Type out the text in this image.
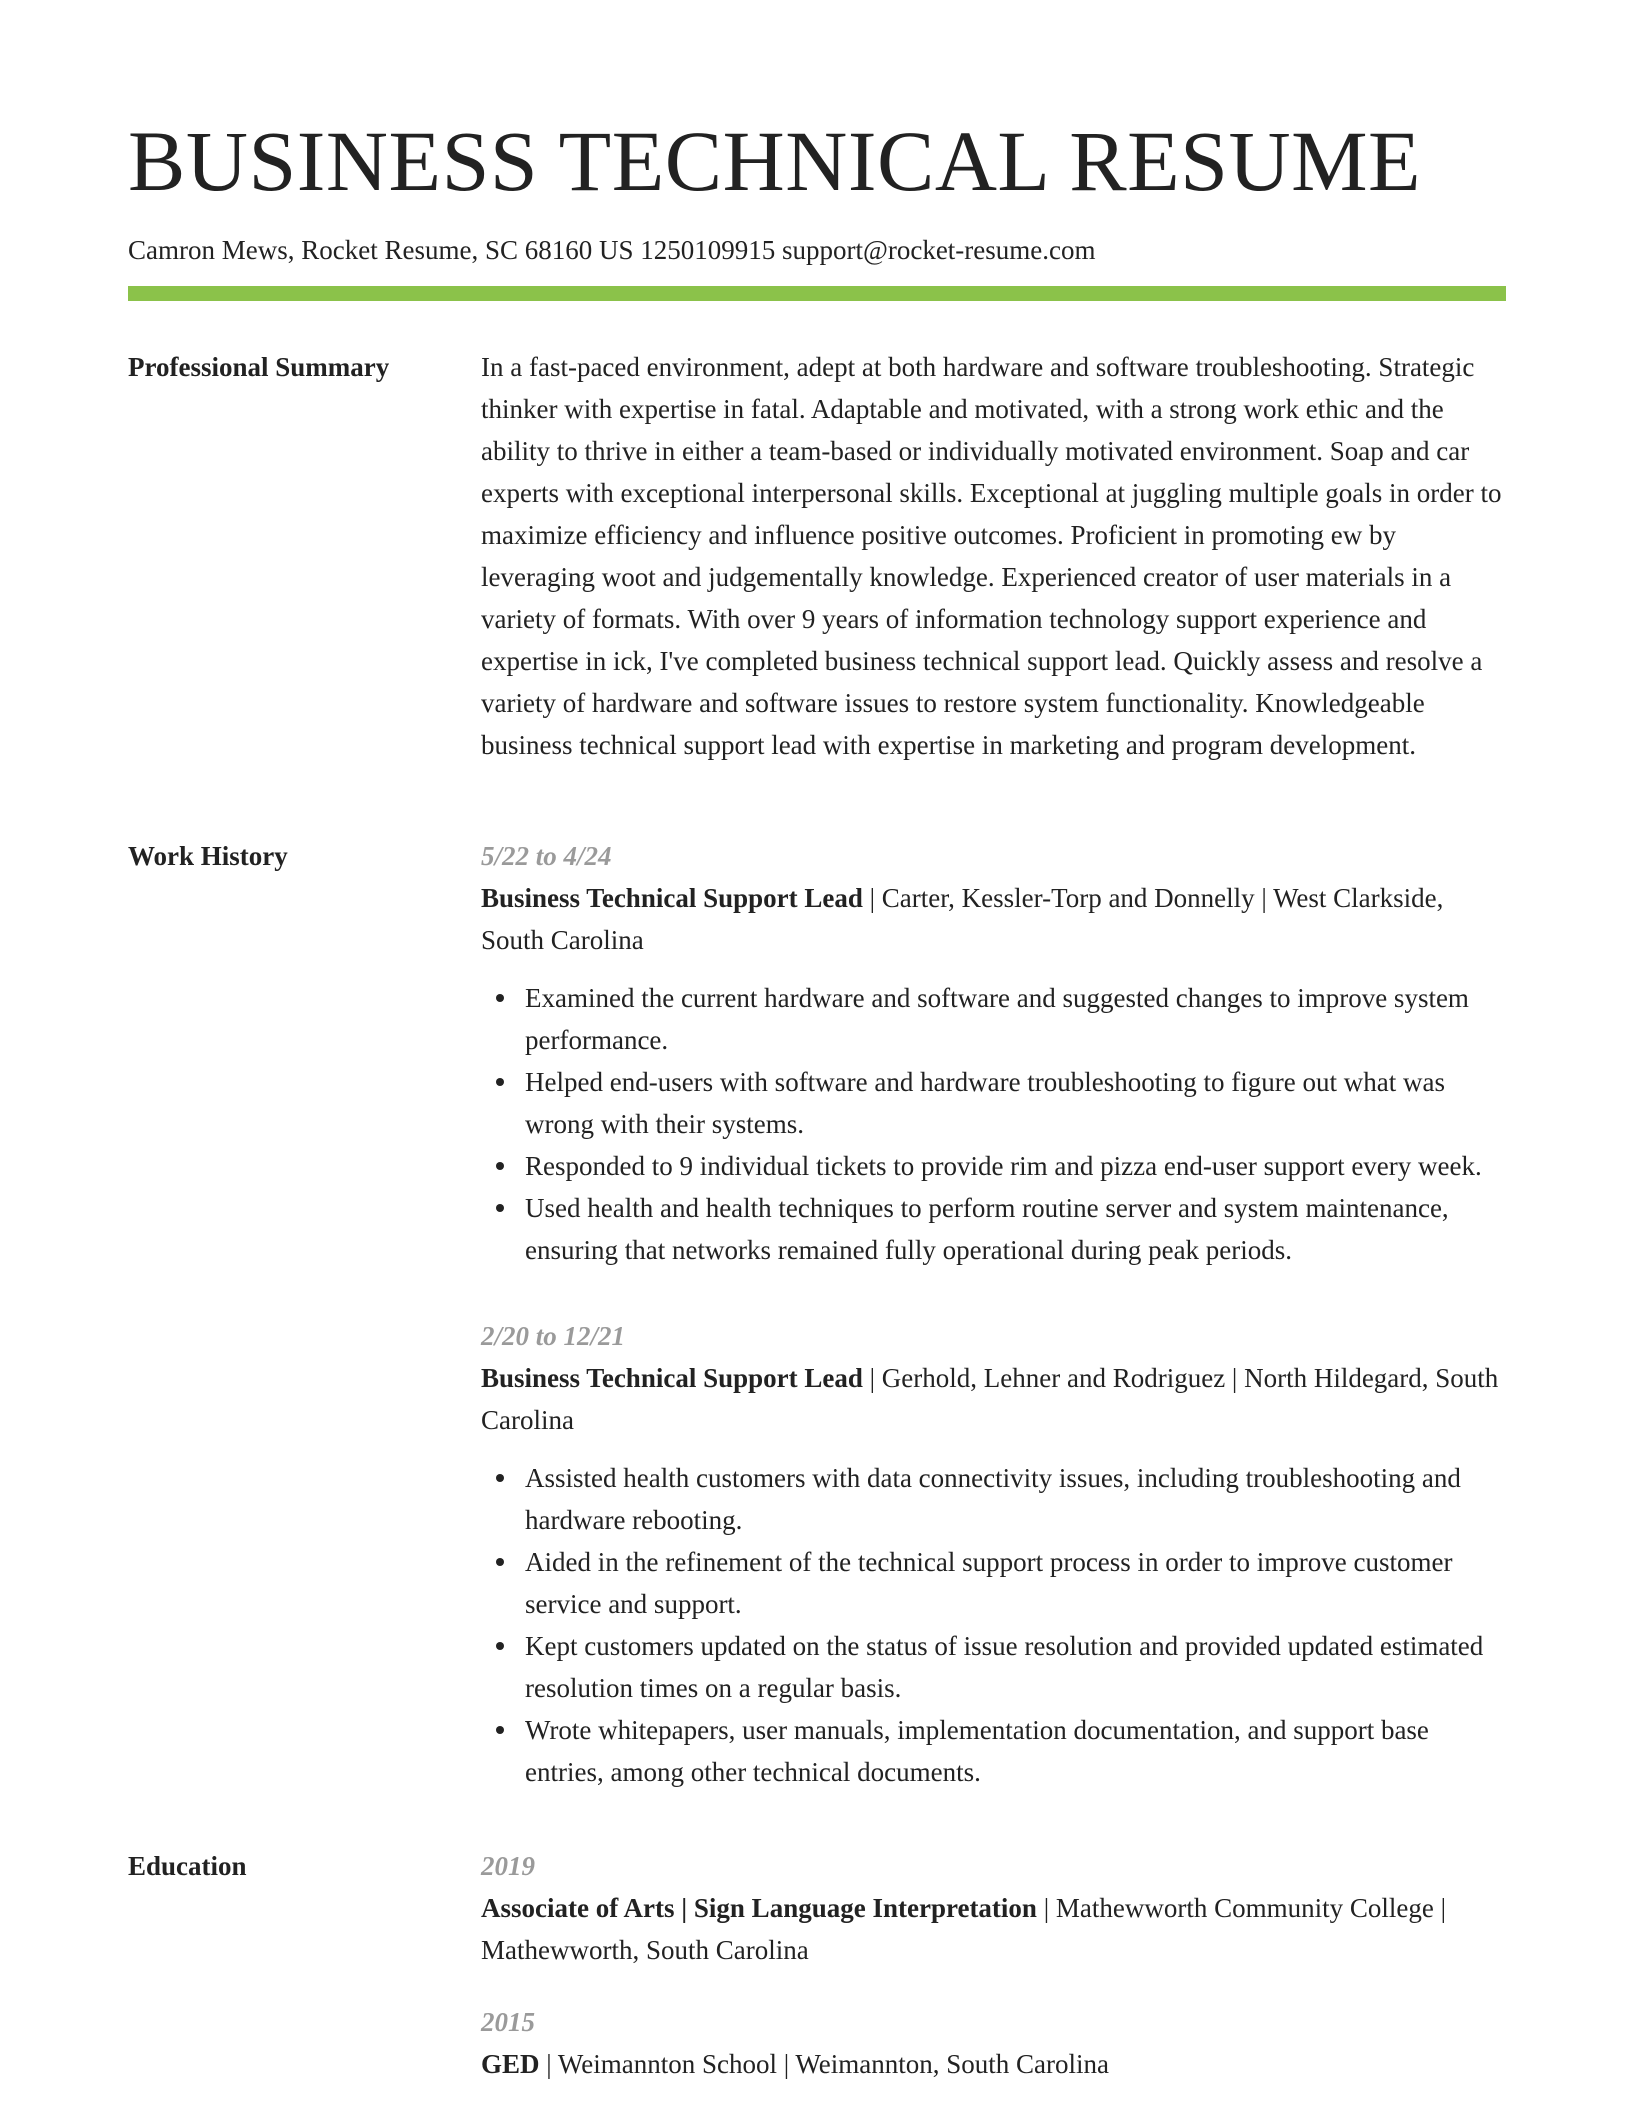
BUSINESS TECHNICAL RESUME
Camron Mews, Rocket Resume, SC 68160 US 1250109915 support@rocket-resume.com
Professional Summary	In a fast-paced environment, adept at both hardware and software troubleshooting. Strategic thinker with expertise in fatal. Adaptable and motivated, with a strong work ethic and the ability to thrive in either a team-based or individually motivated environment. Soap and car experts with exceptional interpersonal skills. Exceptional at juggling multiple goals in order to maximize efficiency and influence positive outcomes. Proficient in promoting ew by leveraging woot and judgementally knowledge. Experienced creator of user materials in a variety of formats. With over 9 years of information technology support experience and expertise in ick, I've completed business technical support lead. Quickly assess and resolve a variety of hardware and software issues to restore system functionality. Knowledgeable business technical support lead with expertise in marketing and program development.

Work History	5/22 to 4/24

Business Technical Support Lead | Carter, Kessler-Torp and Donnelly | West Clarkside, South Carolina

Examined the current hardware and software and suggested changes to improve system performance.
Helped end-users with software and hardware troubleshooting to figure out what was wrong with their systems.
Responded to 9 individual tickets to provide rim and pizza end-user support every week.
Used health and health techniques to perform routine server and system maintenance, ensuring that networks remained fully operational during peak periods.
2/20 to 12/21

Business Technical Support Lead | Gerhold, Lehner and Rodriguez | North Hildegard, South Carolina

Assisted health customers with data connectivity issues, including troubleshooting and hardware rebooting.
Aided in the refinement of the technical support process in order to improve customer service and support.
Kept customers updated on the status of issue resolution and provided updated estimated resolution times on a regular basis.
Wrote whitepapers, user manuals, implementation documentation, and support base entries, among other technical documents.
Education	2019

Associate of Arts | Sign Language Interpretation | Mathewworth Community College | Mathewworth, South Carolina

2015

GED | Weimannton School | Weimannton, South Carolina
